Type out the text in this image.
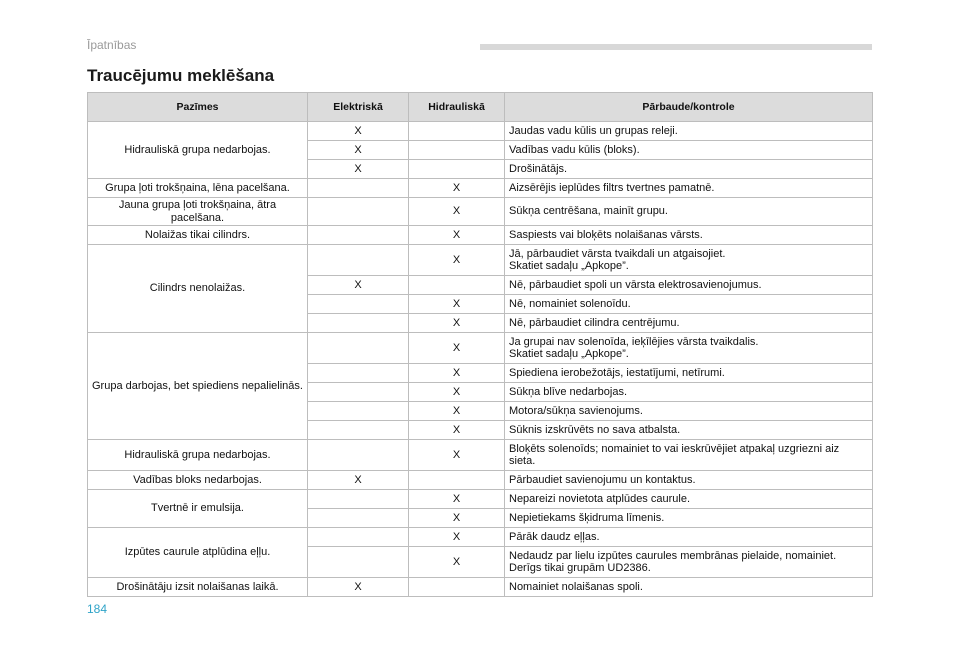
Īpatnības
Traucējumu meklēšana
Pazīmes	Elektriskā	Hidrauliskā	Pārbaude/kontrole
Hidrauliskā grupa nedarbojas.	X		Jaudas vadu kūlis un grupas releji.
	X		Vadības vadu kūlis (bloks).
	X		Drošinātājs.
Grupa ļoti trokšņaina, lēna pacelšana.		X	Aizsērējis ieplūdes filtrs tvertnes pamatnē.
Jauna grupa ļoti trokšņaina, ātra pacelšana.		X	Sūkņa centrēšana, mainīt grupu.
Nolaižas tikai cilindrs.		X	Saspiests vai bloķēts nolaišanas vārsts.
Cilindrs nenolaižas.		X	Jā, pārbaudiet vārsta tvaikdali un atgaisojiet.
Skatiet sadaļu „Apkope”.
	X		Nē, pārbaudiet spoli un vārsta elektrosavienojumus.
		X	Nē, nomainiet solenoīdu.
		X	Nē, pārbaudiet cilindra centrējumu.
Grupa darbojas, bet spiediens nepalielinās.		X	Ja grupai nav solenoīda, ieķīlējies vārsta tvaikdalis.
Skatiet sadaļu „Apkope”.
		X	Spiediena ierobežotājs, iestatījumi, netīrumi.
		X	Sūkņa blīve nedarbojas.
		X	Motora/sūkņa savienojums.
		X	Sūknis izskrūvēts no sava atbalsta.
Hidrauliskā grupa nedarbojas.		X	Bloķēts solenoīds; nomainiet to vai ieskrūvējiet atpakaļ uzgriezni aiz sieta.
Vadības bloks nedarbojas.	X		Pārbaudiet savienojumu un kontaktus.
Tvertnē ir emulsija.		X	Nepareizi novietota atplūdes caurule.
		X	Nepietiekams šķidruma līmenis.
Izpūtes caurule atplūdina eļļu.		X	Pārāk daudz eļļas.
		X	Nedaudz par lielu izpūtes caurules membrānas pielaide, nomainiet.
Derīgs tikai grupām UD2386.
Drošinātāju izsit nolaišanas laikā.	X		Nomainiet nolaišanas spoli.
184
